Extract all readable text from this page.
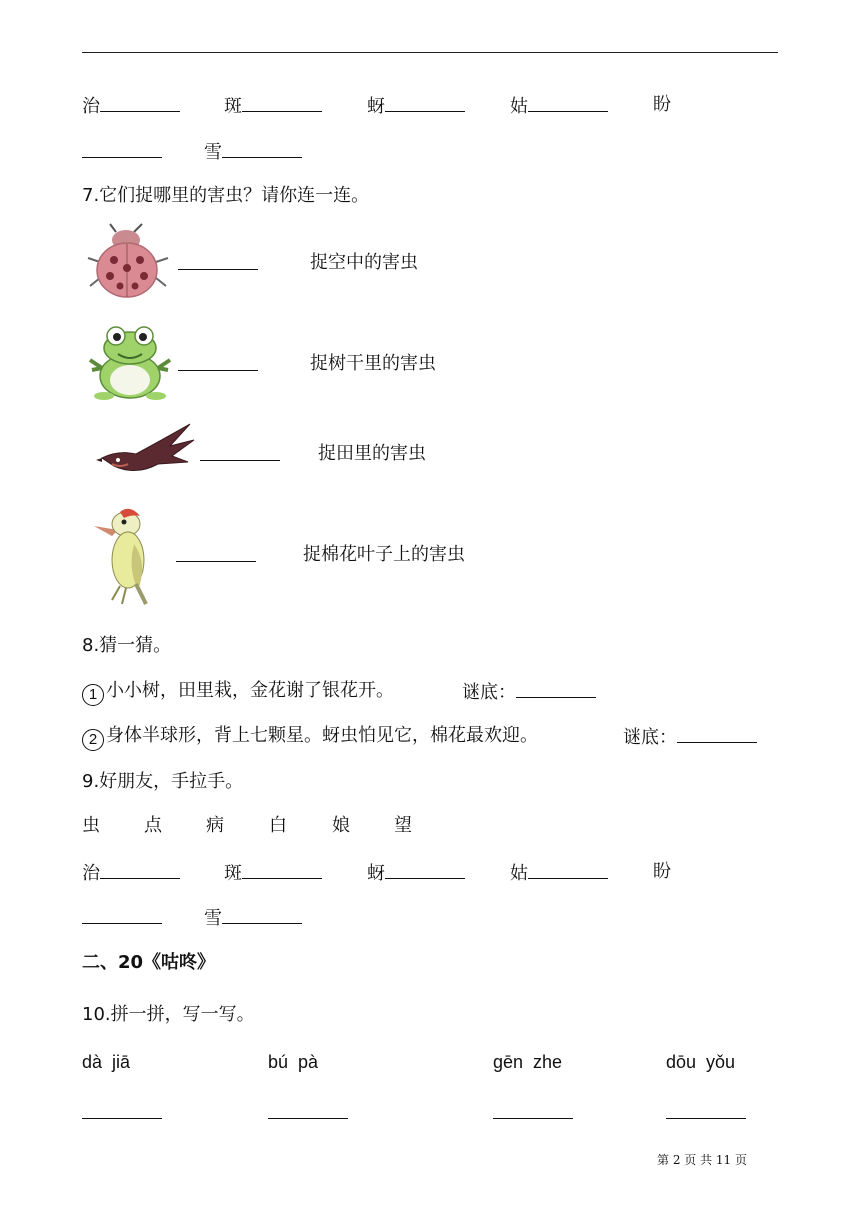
治	斑	蚜	姑	盼
雪
7.它们捉哪里的害虫？请你连一连。
捉空中的害虫
捉树干里的害虫
捉田里的害虫
捉棉花叶子上的害虫
8.猜一猜。
1 小小树，田里栽，金花谢了银花开。	谜底：
2 身体半球形，背上七颗星。蚜虫怕见它，棉花最欢迎。	谜底：
9.好朋友，手拉手。
虫 点 病	白	娘 望
治	斑	蚜	姑	盼
雪
二、20《咕咚》
10.拼一拼，写一写。
dà  jiā	bú  pà	gēn  zhe	dōu  yǒu
第 2 页 共 11 页
